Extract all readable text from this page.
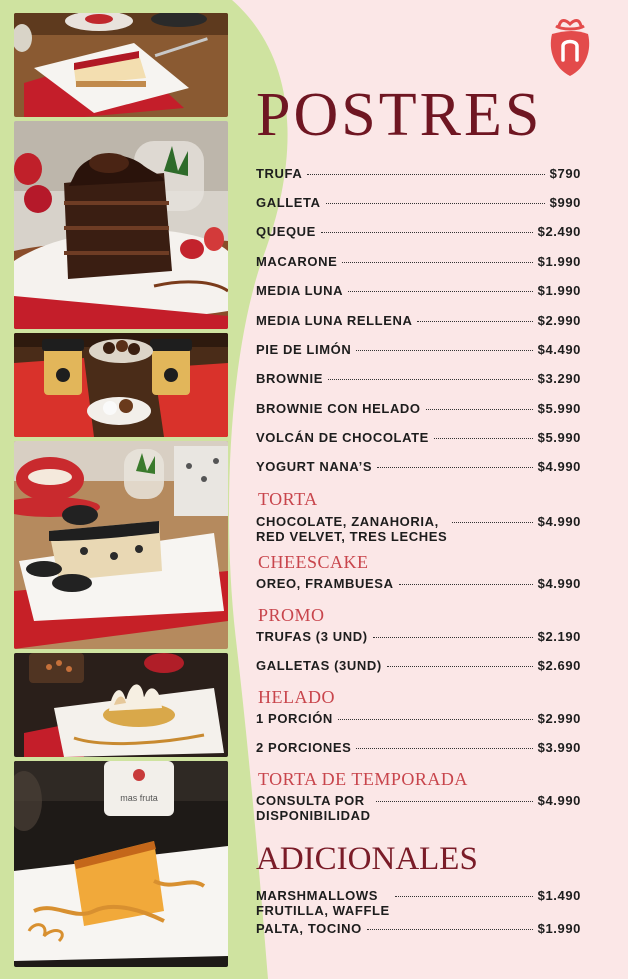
mas fruta
POSTRES
TRUFA	$790
GALLETA	$990
QUEQUE	$2.490
MACARONE	$1.990
MEDIA LUNA	$1.990
MEDIA LUNA RELLENA	$2.990
PIE DE LIMÓN	$4.490
BROWNIE	$3.290
BROWNIE CON HELADO	$5.990
VOLCÁN DE CHOCOLATE	$5.990
YOGURT NANA’S	$4.990
TORTA
CHOCOLATE, ZANAHORIA,
RED VELVET, TRES LECHES
$4.990
CHEESCAKE
OREO, FRAMBUESA	$4.990
PROMO
TRUFAS (3 UND)	$2.190
GALLETAS (3UND)	$2.690
HELADO
1 PORCIÓN	$2.990
2 PORCIONES	$3.990
TORTA DE TEMPORADA
CONSULTA POR
DISPONIBILIDAD
$4.990
MARSHMALLOWS
FRUTILLA, WAFFLE
$1.490
PALTA, TOCINO	$1.990
ADICIONALES
